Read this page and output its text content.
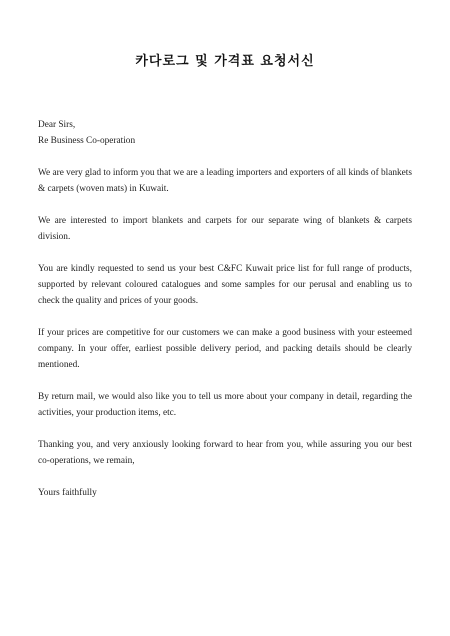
카다로그 및 가격표 요청서신

Dear Sirs,

Re Business Co-operation

We are very glad to inform you that we are a leading importers and exporters of all kinds of blankets & carpets (woven mats) in Kuwait.

We are interested to import blankets and carpets for our separate wing of blankets & carpets division.

You are kindly requested to send us your best C&FC Kuwait price list for full range of products, supported by relevant coloured catalogues and some samples for our perusal and enabling us to check the quality and prices of your goods.

If your prices are competitive for our customers we can make a good business with your esteemed company. In your offer, earliest possible delivery period, and packing details should be clearly mentioned.

By return mail, we would also like you to tell us more about your company in detail, regarding the activities, your production items, etc.

Thanking you, and very anxiously looking forward to hear from you, while assuring you our best co-operations, we remain,

Yours faithfully
